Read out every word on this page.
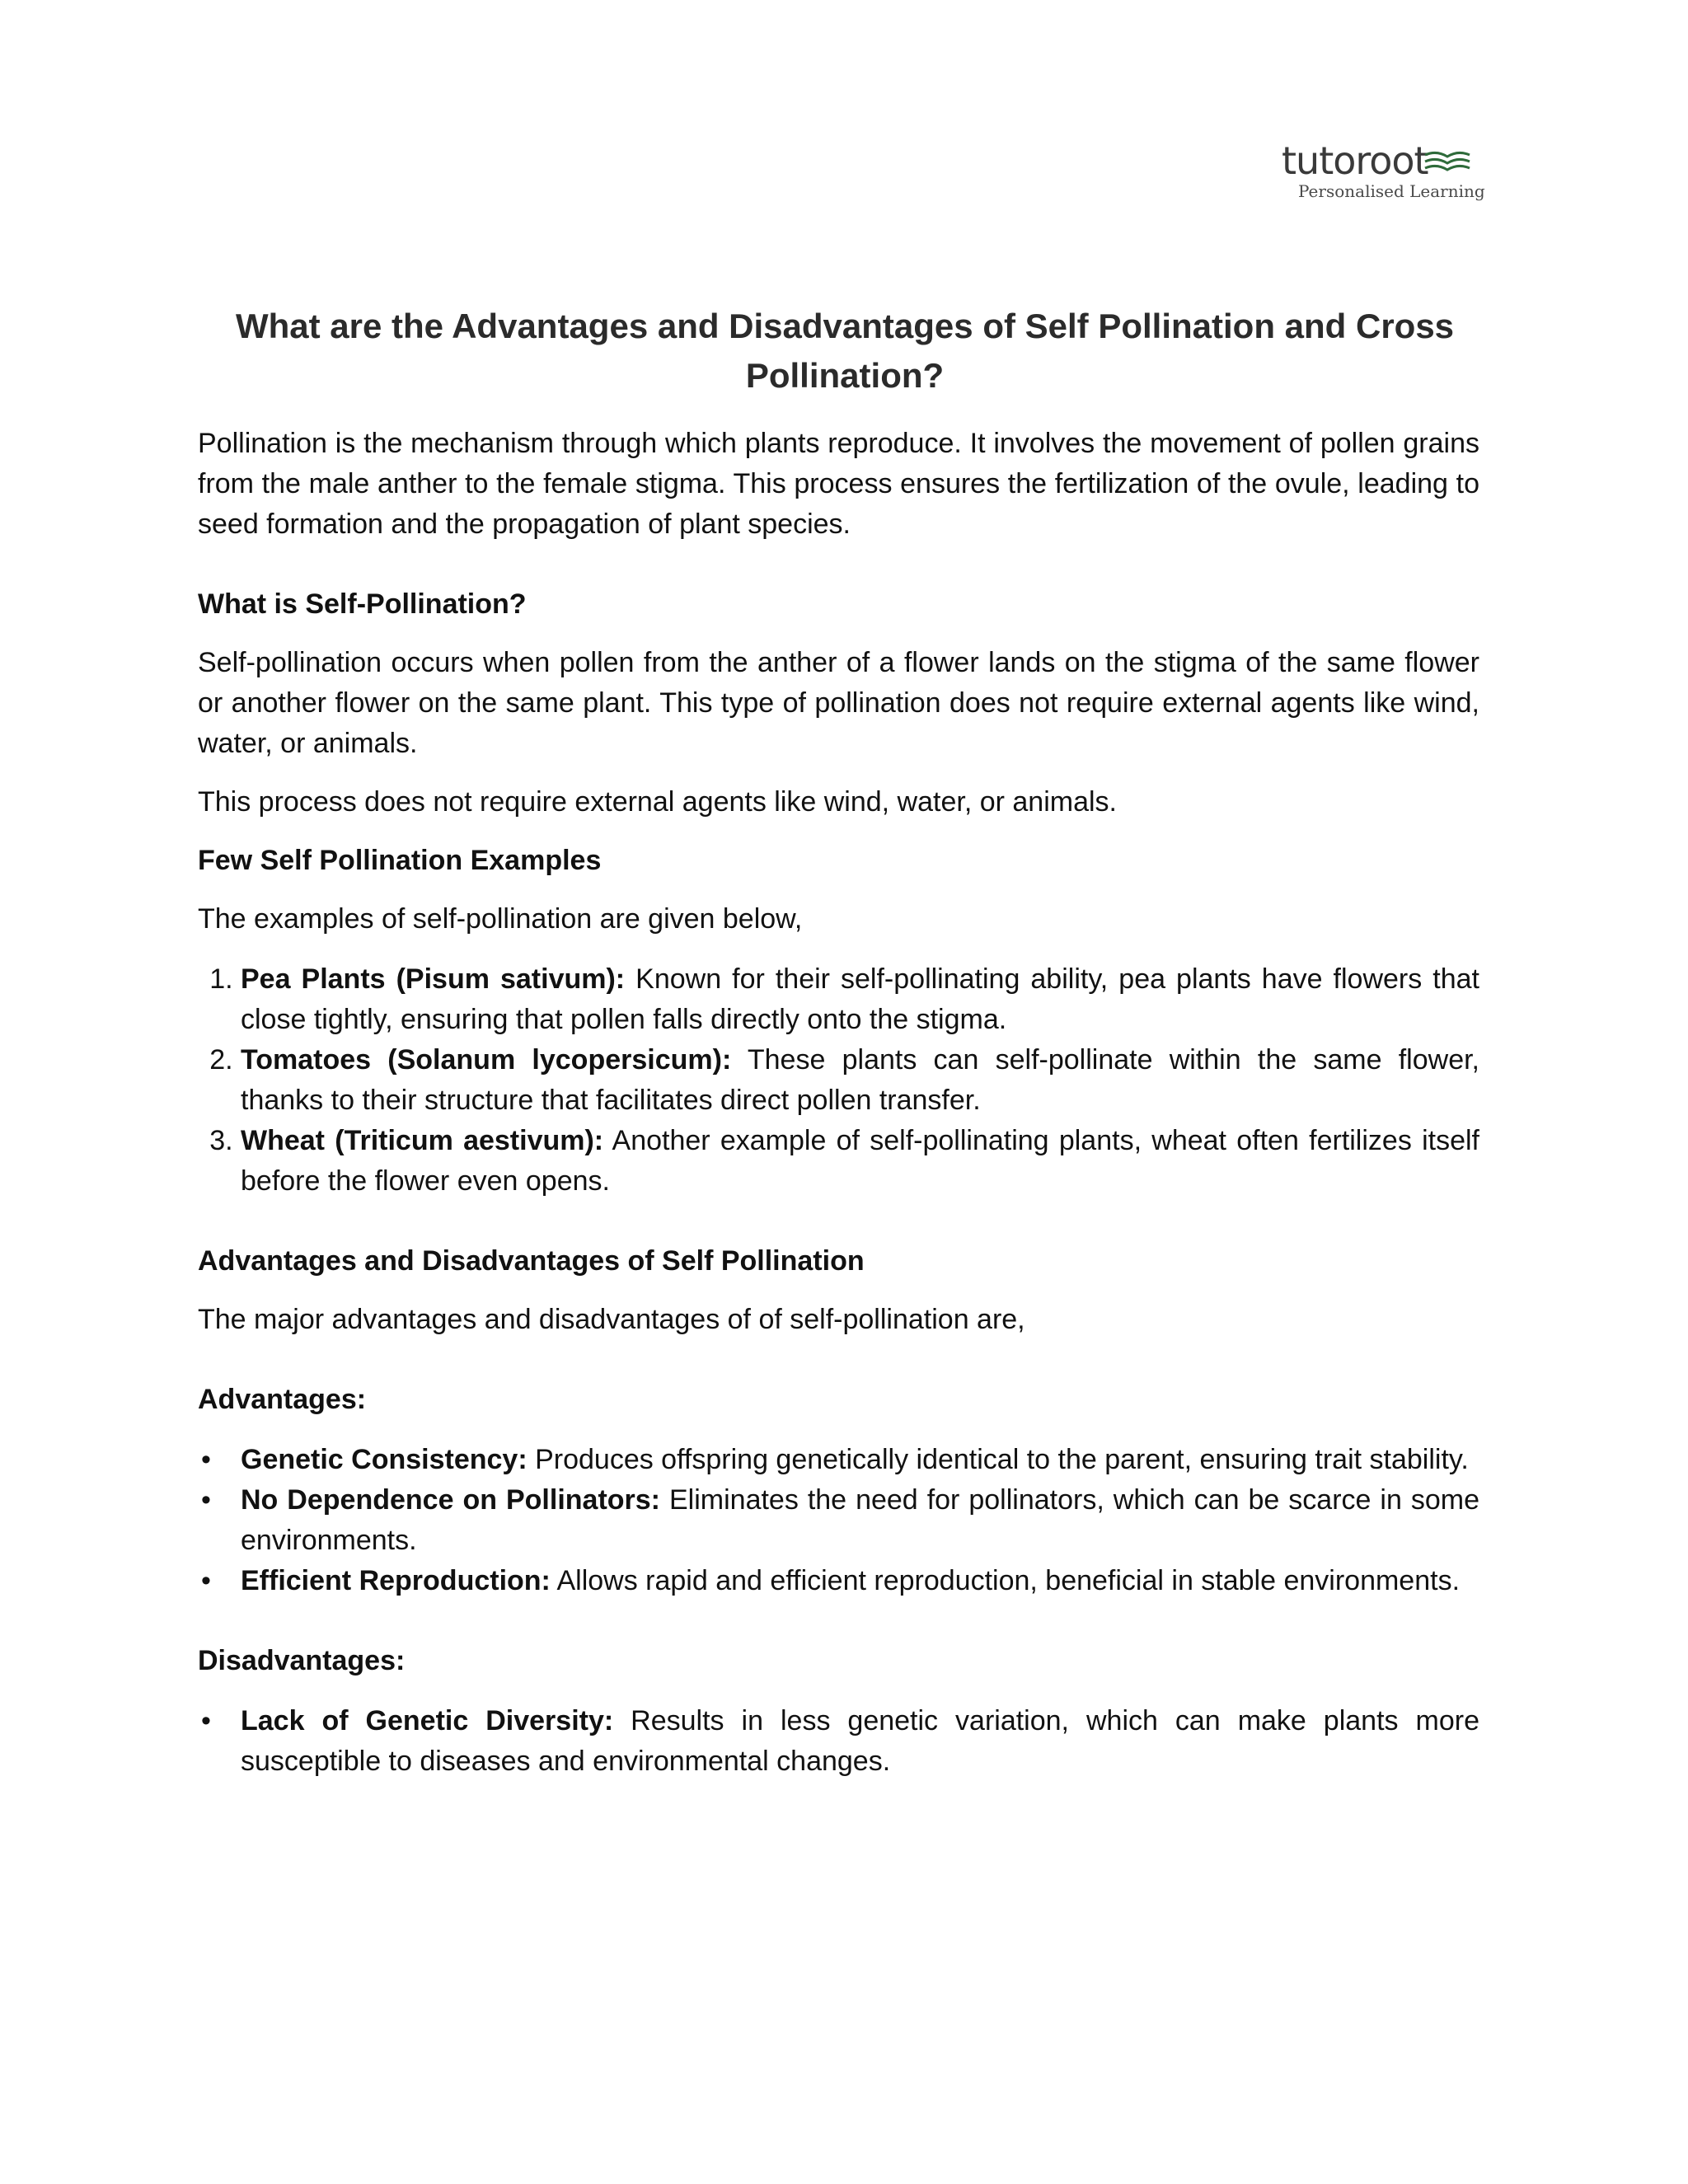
tutoroot
Personalised Learning
What are the Advantages and Disadvantages of Self Pollination and Cross
Pollination?

Pollination is the mechanism through which plants reproduce. It involves the movement of pollen grains from the male anther to the female stigma. This process ensures the fertilization of the ovule, leading to seed formation and the propagation of plant species.

What is Self-Pollination?

Self-pollination occurs when pollen from the anther of a flower lands on the stigma of the same flower or another flower on the same plant. This type of pollination does not require external agents like wind, water, or animals.

This process does not require external agents like wind, water, or animals.

Few Self Pollination Examples

The examples of self-pollination are given below,

1. Pea Plants (Pisum sativum): Known for their self-pollinating ability, pea plants have flowers that close tightly, ensuring that pollen falls directly onto the stigma.
2. Tomatoes (Solanum lycopersicum): These plants can self-pollinate within the same flower, thanks to their structure that facilitates direct pollen transfer.
3. Wheat (Triticum aestivum): Another example of self-pollinating plants, wheat often fertilizes itself before the flower even opens.
Advantages and Disadvantages of Self Pollination

The major advantages and disadvantages of of self-pollination are,

Advantages:
• Genetic Consistency: Produces offspring genetically identical to the parent, ensuring trait stability.
• No Dependence on Pollinators: Eliminates the need for pollinators, which can be scarce in some environments.
• Efficient Reproduction: Allows rapid and efficient reproduction, beneficial in stable environments.
Disadvantages:
• Lack of Genetic Diversity: Results in less genetic variation, which can make plants more susceptible to diseases and environmental changes.
